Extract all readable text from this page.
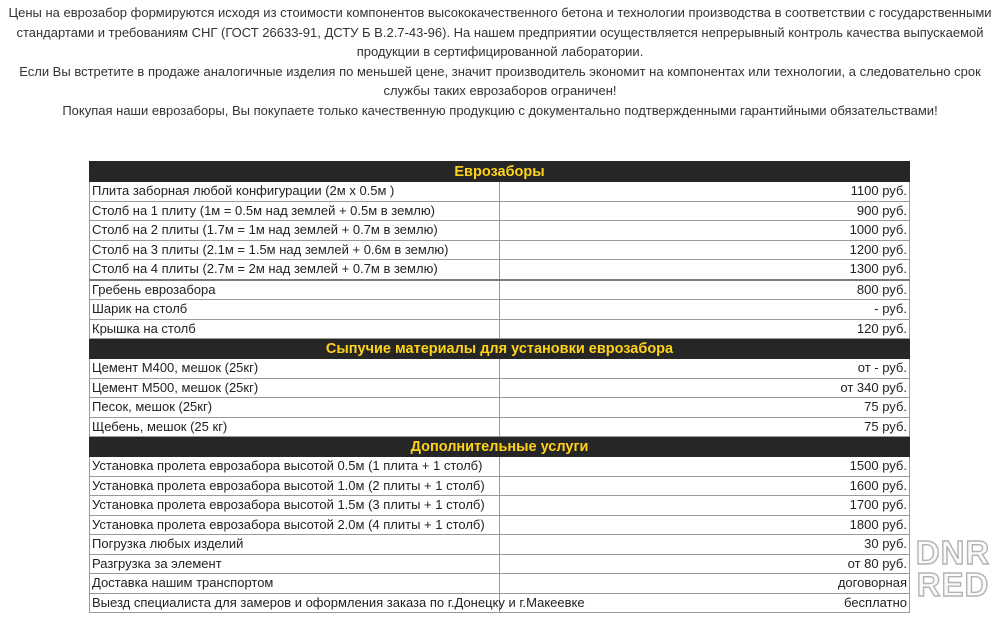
Цены на еврозабор формируются исходя из стоимости компонентов высококачественного бетона и технологии производства в соответствии с государственными стандартами и требованиям СНГ (ГОСТ 26633-91, ДСТУ Б В.2.7-43-96). На нашем предприятии осуществляется непрерывный контроль качества выпускаемой продукции в сертифицированной лаборатории.

Если Вы встретите в продаже аналогичные изделия по меньшей цене, значит производитель экономит на компонентах или технологии, а следовательно срок службы таких еврозаборов ограничен!

Покупая наши еврозаборы, Вы покупаете только качественную продукцию с документально подтвержденными гарантийными обязательствами!

Еврозаборы	
Плита заборная любой конфигурации (2м х 0.5м )	1100 руб.
Столб на 1 плиту (1м = 0.5м над землей + 0.5м в землю)	900 руб.
Столб на 2 плиты (1.7м = 1м над землей + 0.7м в землю)	1000 руб.
Столб на 3 плиты (2.1м = 1.5м над землей + 0.6м в землю)	1200 руб.
Столб на 4 плиты (2.7м = 2м над землей + 0.7м в землю)	1300 руб.
Гребень еврозабора	800 руб.
Шарик на столб	- руб.
Крышка на столб	120 руб.
Сыпучие материалы для установки еврозабора	
Цемент М400, мешок (25кг)	от - руб.
Цемент М500, мешок (25кг)	от 340 руб.
Песок, мешок (25кг)	75 руб.
Щебень, мешок (25 кг)	75 руб.
Дополнительные услуги	
Установка пролета еврозабора высотой 0.5м (1 плита + 1 столб)	1500 руб.
Установка пролета еврозабора высотой 1.0м (2 плиты + 1 столб)	1600 руб.
Установка пролета еврозабора высотой 1.5м (3 плиты + 1 столб)	1700 руб.
Установка пролета еврозабора высотой 2.0м (4 плиты + 1 столб)	1800 руб.
Погрузка любых изделий	30 руб.
Разгрузка за элемент	от 80 руб.
Доставка нашим транспортом	договорная
Выезд специалиста для замеров и оформления заказа по г.Донецку и г.Макеевке	бесплатно
DNR
RED
